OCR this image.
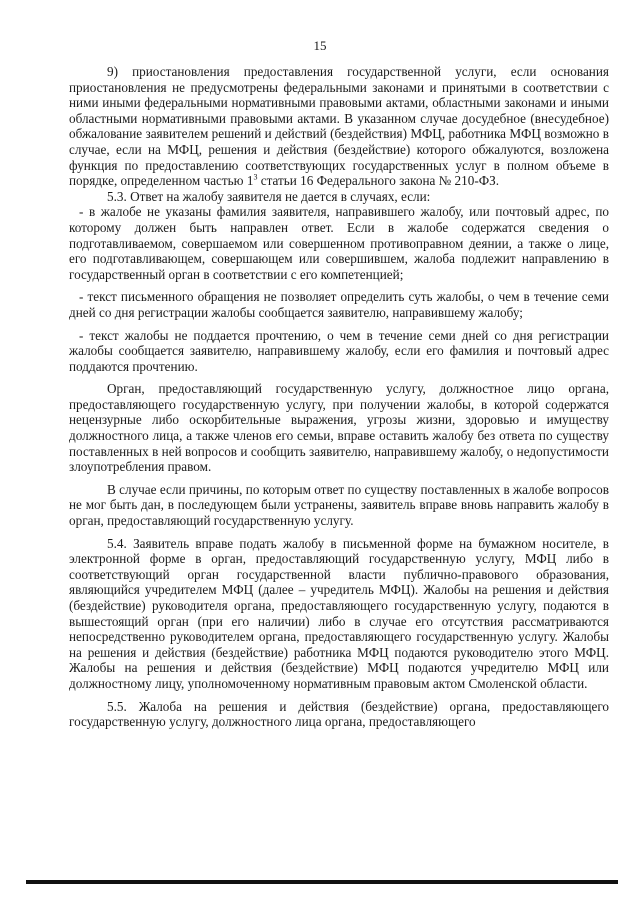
15

9) приостановления предоставления государственной услуги, если основания приостановления не предусмотрены федеральными законами и принятыми в соответствии с ними иными федеральными нормативными правовыми актами, областными законами и иными областными нормативными правовыми актами. В указанном случае досудебное (внесудебное) обжалование заявителем решений и действий (бездействия) МФЦ, работника МФЦ возможно в случае, если на МФЦ, решения и действия (бездействие) которого обжалуются, возложена функция по предоставлению соответствующих государственных услуг в полном объеме в порядке, определенном частью $1^3$ статьи 16 Федерального закона № 210-ФЗ.

5.3. Ответ на жалобу заявителя не дается в случаях, если:

- в жалобе не указаны фамилия заявителя, направившего жалобу, или почтовый адрес, по которому должен быть направлен ответ. Если в жалобе содержатся сведения о подготавливаемом, совершаемом или совершенном противоправном деянии, а также о лице, его подготавливающем, совершающем или совершившем, жалоба подлежит направлению в государственный орган в соответствии с его компетенцией;

- текст письменного обращения не позволяет определить суть жалобы, о чем в течение семи дней со дня регистрации жалобы сообщается заявителю, направившему жалобу;

- текст жалобы не поддается прочтению, о чем в течение семи дней со дня регистрации жалобы сообщается заявителю, направившему жалобу, если его фамилия и почтовый адрес поддаются прочтению.

Орган, предоставляющий государственную услугу, должностное лицо органа, предоставляющего государственную услугу, при получении жалобы, в которой содержатся нецензурные либо оскорбительные выражения, угрозы жизни, здоровью и имуществу должностного лица, а также членов его семьи, вправе оставить жалобу без ответа по существу поставленных в ней вопросов и сообщить заявителю, направившему жалобу, о недопустимости злоупотребления правом.

В случае если причины, по которым ответ по существу поставленных в жалобе вопросов не мог быть дан, в последующем были устранены, заявитель вправе вновь направить жалобу в орган, предоставляющий государственную услугу.

5.4. Заявитель вправе подать жалобу в письменной форме на бумажном носителе, в электронной форме в орган, предоставляющий государственную услугу, МФЦ либо в соответствующий орган государственной власти публично-правового образования, являющийся учредителем МФЦ (далее – учредитель МФЦ). Жалобы на решения и действия (бездействие) руководителя органа, предоставляющего государственную услугу, подаются в вышестоящий орган (при его наличии) либо в случае его отсутствия рассматриваются непосредственно руководителем органа, предоставляющего государственную услугу. Жалобы на решения и действия (бездействие) работника МФЦ подаются руководителю этого МФЦ. Жалобы на решения и действия (бездействие) МФЦ подаются учредителю МФЦ или должностному лицу, уполномоченному нормативным правовым актом Смоленской области.

5.5. Жалоба на решения и действия (бездействие) органа, предоставляющего государственную услугу, должностного лица органа, предоставляющего
